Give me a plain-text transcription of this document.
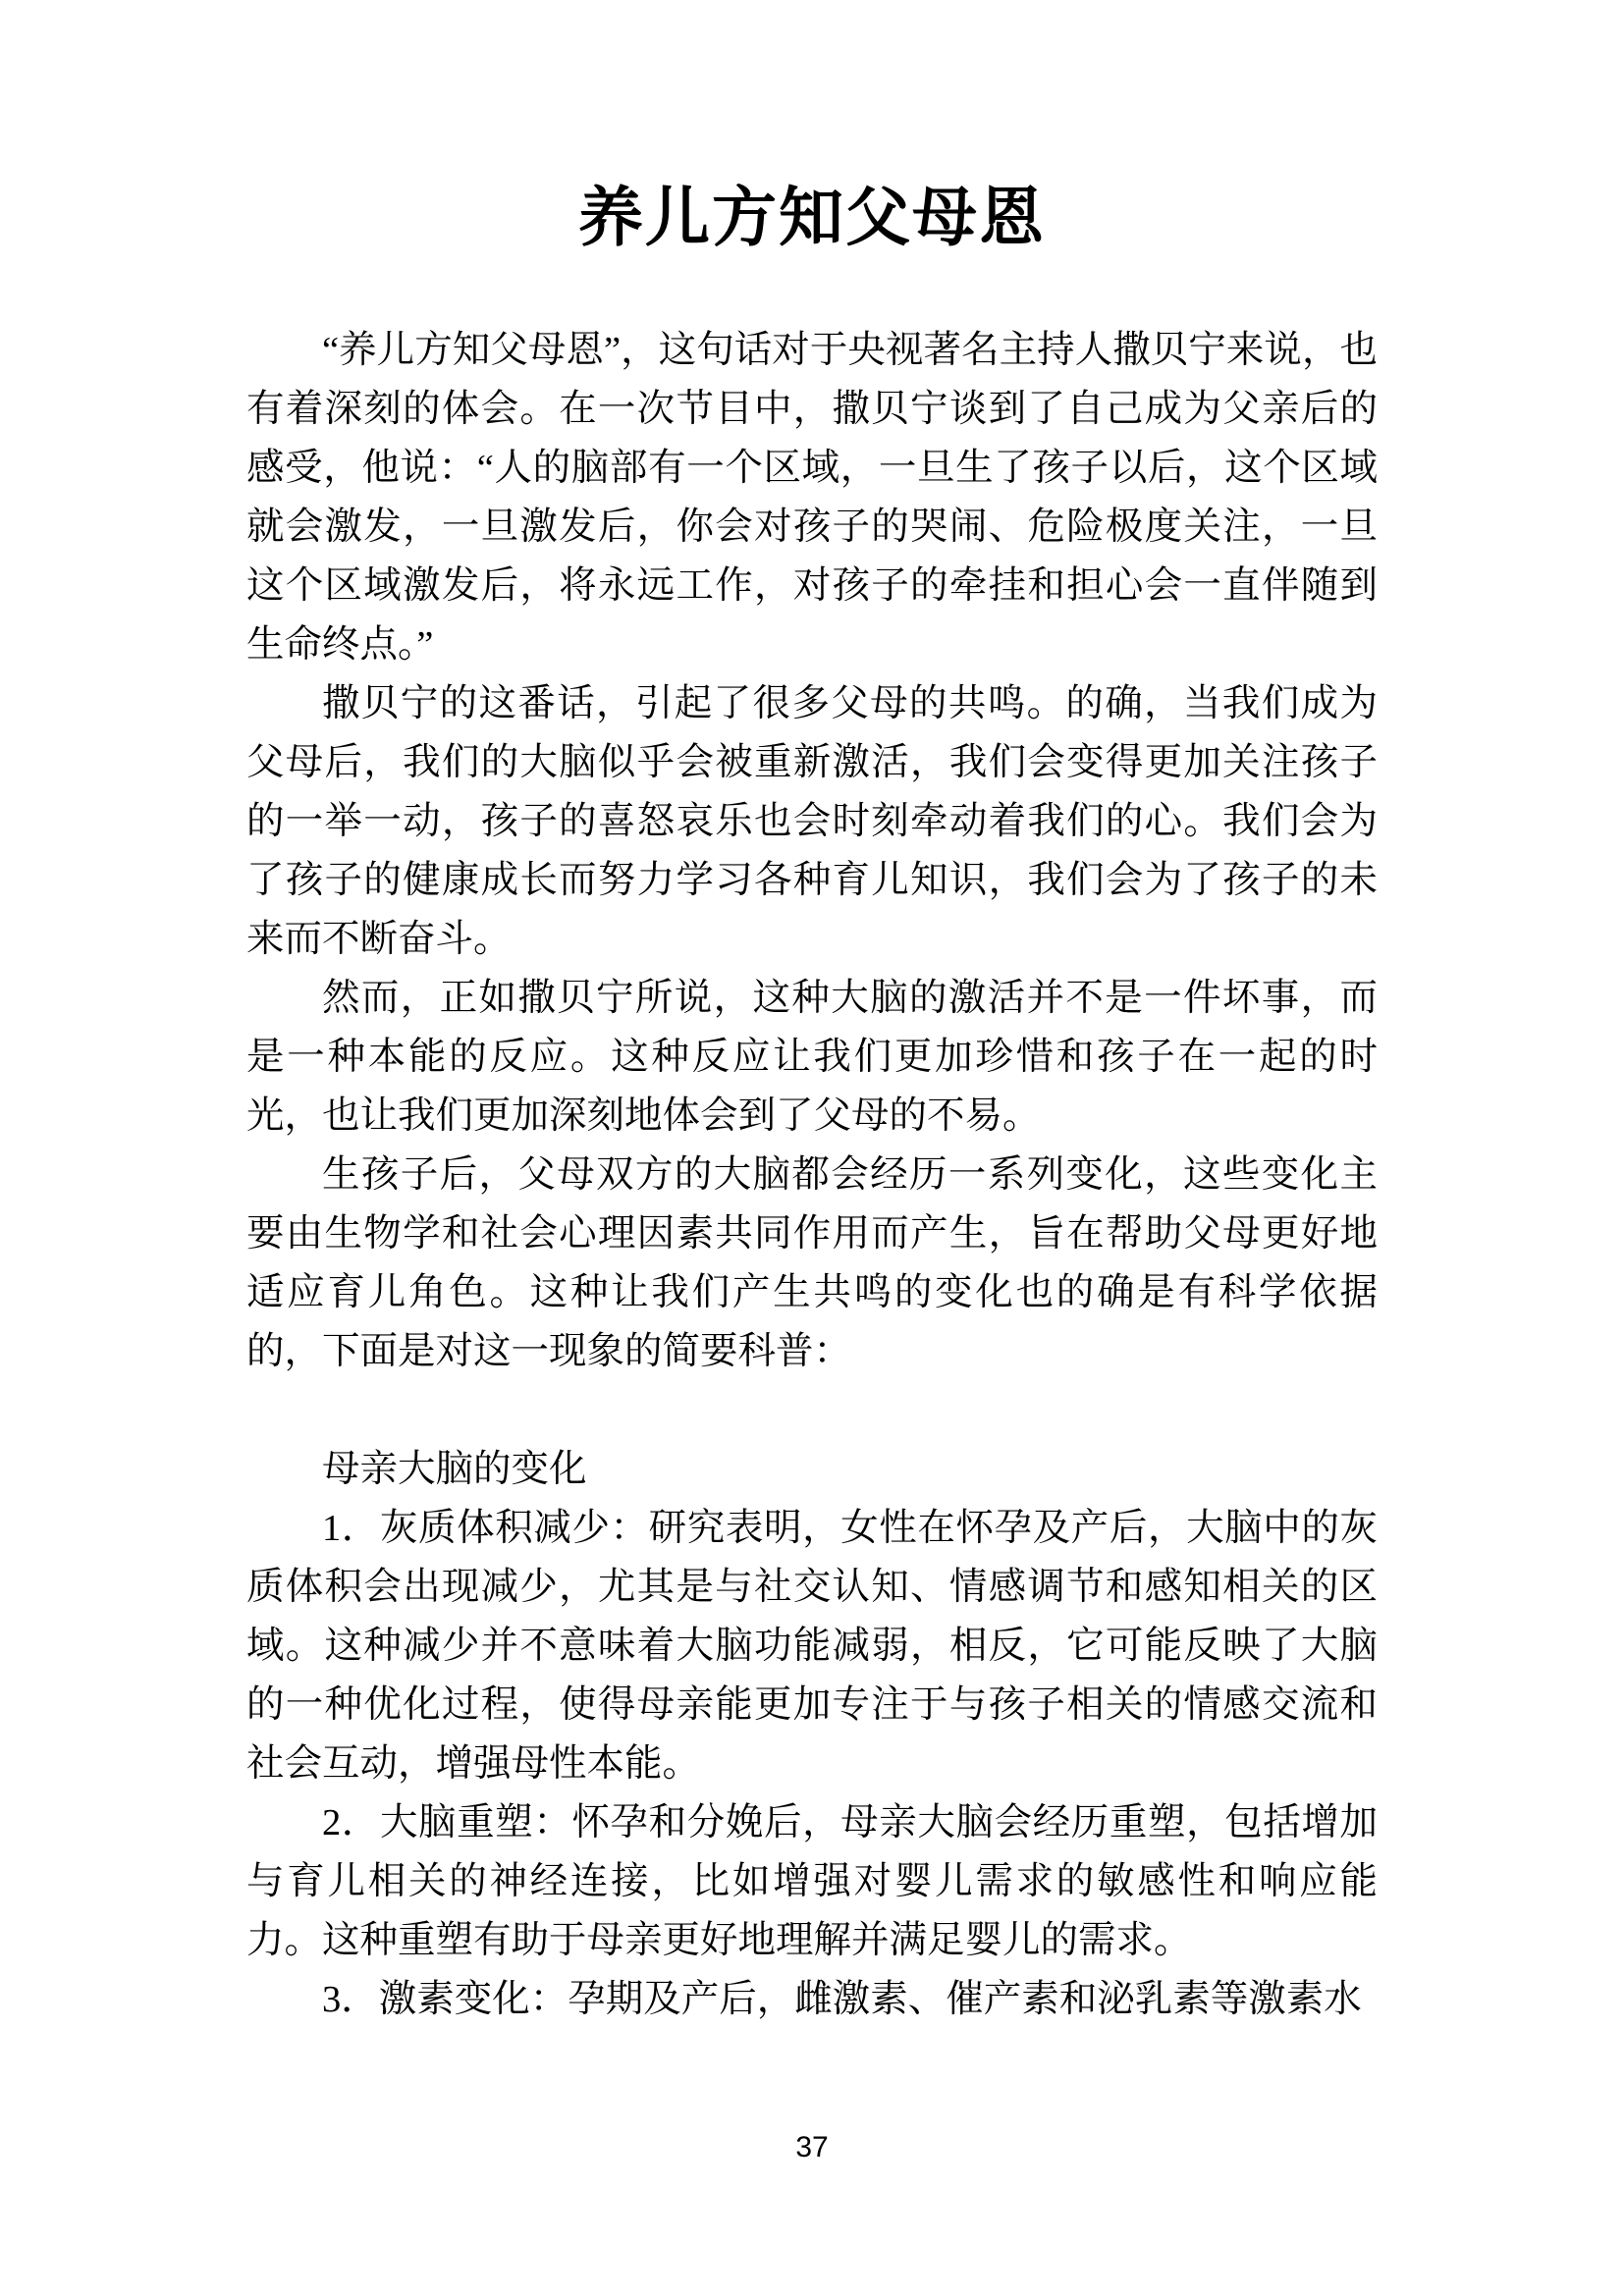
养儿方知父母恩

“养儿方知父母恩”，这句话对于央视著名主持人撒贝宁来说，也有着深刻的体会。在一次节目中，撒贝宁谈到了自己成为父亲后的感受，他说：“人的脑部有一个区域，一旦生了孩子以后，这个区域就会激发，一旦激发后，你会对孩子的哭闹、危险极度关注，一旦这个区域激发后，将永远工作，对孩子的牵挂和担心会一直伴随到生命终点。”

撒贝宁的这番话，引起了很多父母的共鸣。的确，当我们成为父母后，我们的大脑似乎会被重新激活，我们会变得更加关注孩子的一举一动，孩子的喜怒哀乐也会时刻牵动着我们的心。我们会为了孩子的健康成长而努力学习各种育儿知识，我们会为了孩子的未来而不断奋斗。

然而，正如撒贝宁所说，这种大脑的激活并不是一件坏事，而是一种本能的反应。这种反应让我们更加珍惜和孩子在一起的时光，也让我们更加深刻地体会到了父母的不易。

生孩子后，父母双方的大脑都会经历一系列变化，这些变化主要由生物学和社会心理因素共同作用而产生，旨在帮助父母更好地适应育儿角色。这种让我们产生共鸣的变化也的确是有科学依据的，下面是对这一现象的简要科普：

母亲大脑的变化

1．灰质体积减少：研究表明，女性在怀孕及产后，大脑中的灰质体积会出现减少，尤其是与社交认知、情感调节和感知相关的区域。这种减少并不意味着大脑功能减弱，相反，它可能反映了大脑的一种优化过程，使得母亲能更加专注于与孩子相关的情感交流和社会互动，增强母性本能。

2．大脑重塑：怀孕和分娩后，母亲大脑会经历重塑，包括增加与育儿相关的神经连接，比如增强对婴儿需求的敏感性和响应能力。这种重塑有助于母亲更好地理解并满足婴儿的需求。

3．激素变化：孕期及产后，雌激素、催产素和泌乳素等激素水

37
